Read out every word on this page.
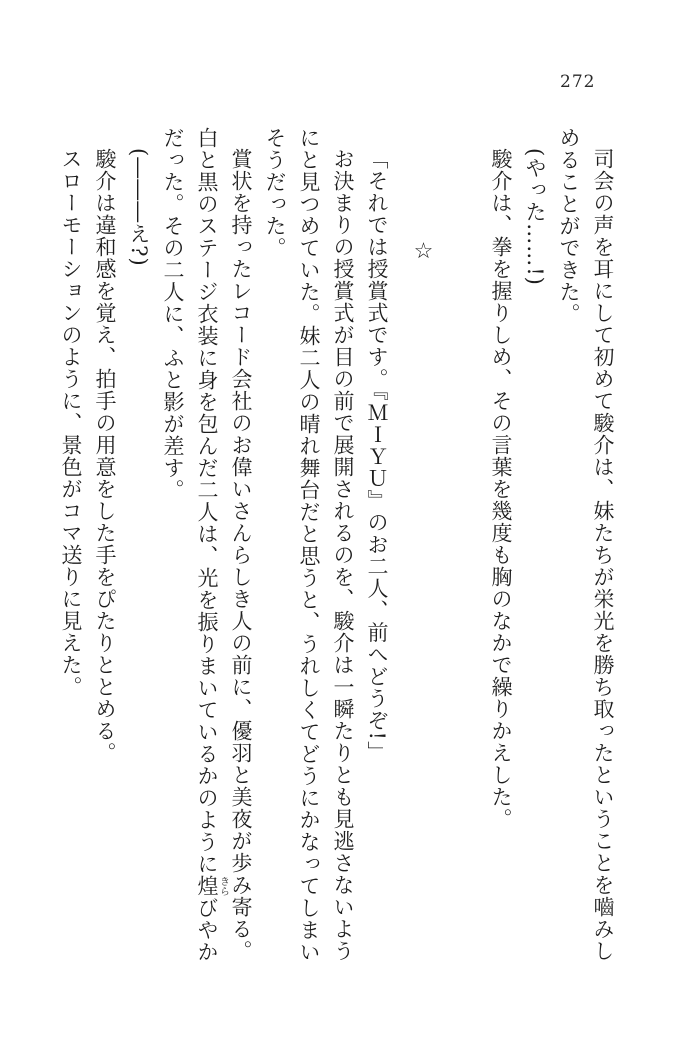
272

司会の声を耳にして初めて駿介は、妹たちが栄光を勝ち取ったということを嚙みしめることができた。

(やった……!)

駿介は、拳を握りしめ、その言葉を幾度も胸のなかで繰りかえした。

☆

「それでは授賞式です。『ＭＩＹＵ』のお二人、前へどうぞ!」

お決まりの授賞式が目の前で展開されるのを、駿介は一瞬たりとも見逃さないようにと見つめていた。妹二人の晴れ舞台だと思うと、うれしくてどうにかなってしまいそうだった。

賞状を持ったレコード会社のお偉いさんらしき人の前に、優羽と美夜が歩み寄る。白と黒のステージ衣装に身を包んだ二人は、光を振りまいているかのように煌きらびやかだった。その二人に、ふと影が差す。

(―――え?)

駿介は違和感を覚え、拍手の用意をした手をぴたりととめる。

スローモーションのように、景色がコマ送りに見えた。
